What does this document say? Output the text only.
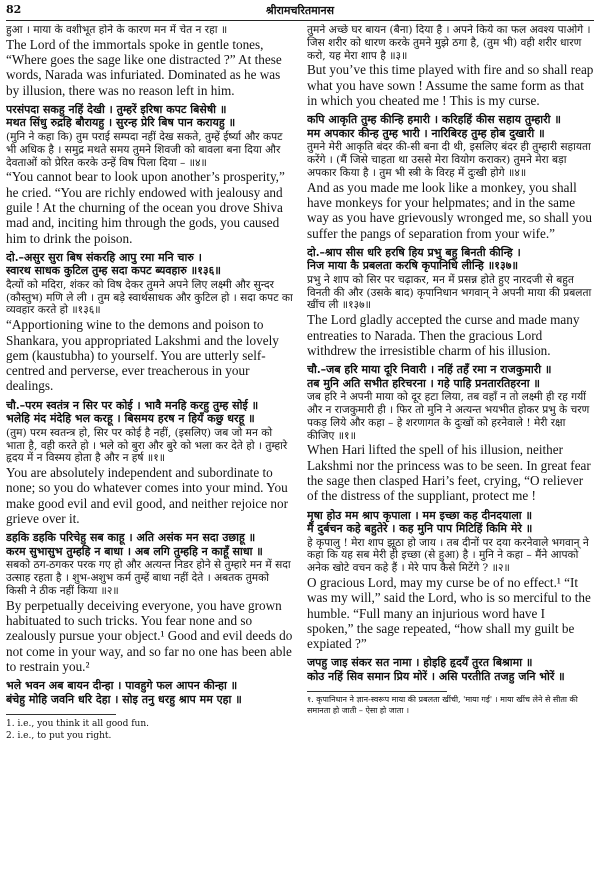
82	श्रीरामचरितमानस

हुआ । माया के वशीभूत होने के कारण मन में चेत न रहा ॥

The Lord of the immortals spoke in gentle tones, “Where goes the sage like one distracted ?” At these words, Narada was infuriated. Dominated as he was by illusion, there was no reason left in him.

परसंपदा सकहु नहिं देखी । तुम्हरें इरिषा कपट बिसेषी ॥

मथत सिंधु रुद्रहि बौरायहु । सुरन्ह प्रेरि बिष पान करायहु ॥

(मुनि ने कहा कि) तुम पराई सम्पदा नहीं देख सकते, तुम्हें ईर्ष्या और कपट भी अधिक है । समुद्र मथते समय तुमने शिवजी को बावला बना दिया और देवताओं को प्रेरित करके उन्हें विष पिला दिया – ॥४॥

“You cannot bear to look upon another’s prosperity,” he cried. “You are richly endowed with jealousy and guile ! At the churning of the ocean you drove Shiva mad and, inciting him through the gods, you caused him to drink the poison.

दो.–असुर सुरा बिष संकरहि आपु रमा मनि चारु ।

स्वारथ साधक कुटिल तुम्ह सदा कपट ब्यवहारु ॥१३६॥

दैत्यों को मदिरा, शंकर को विष देकर तुमने अपने लिए लक्ष्मी और सुन्दर (कौस्तुभ) मणि ले ली । तुम बड़े स्वार्थसाधक और कुटिल हो । सदा कपट का व्यवहार करते हो ॥१३६॥

“Apportioning wine to the demons and poison to Shankara, you appropriated Lakshmi and the lovely gem (kaustubha) to yourself. You are utterly self-centred and perverse, ever treacherous in your dealings.

चौ.–परम स्वतंत्र न सिर पर कोई । भावै मनहि करहु तुम्ह सोई ॥

भलेहि मंद मंदेहि भल करहू । बिसमय हरष न हियँ कछु धरहू ॥

(तुम) परम स्वतन्त्र हो, सिर पर कोई है नहीं, (इसलिए) जब जो मन को भाता है, वही करते हो । भले को बुरा और बुरे को भला कर देते हो । तुम्हारे हृदय में न विस्मय होता है और न हर्ष ॥१॥

You are absolutely independent and subordinate to none; so you do whatever comes into your mind. You make good evil and evil good, and neither rejoice nor grieve over it.

डहकि डहकि परिचेहु सब काहू । अति असंक मन सदा उछाहू ॥

करम सुभासुभ तुम्हहि न बाधा । अब लगि तुम्हहि न काहूँ साधा ॥

सबको ठग-ठगकर परक गए हो और अत्यन्त निडर होने से तुम्हारे मन में सदा उत्साह रहता है । शुभ-अशुभ कर्म तुम्हें बाधा नहीं देते । अबतक तुमको किसी ने ठीक नहीं किया ॥२॥

By perpetually deceiving everyone, you have grown habituated to such tricks. You fear none and so zealously pursue your object.¹ Good and evil deeds do not come in your way, and so far no one has been able to restrain you.²

भले भवन अब बायन दीन्हा । पावहुगे फल आपन कीन्हा ॥

बंचेहु मोहि जवनि धरि देहा । सोइ तनु धरहु श्राप मम एहा ॥

1. i.e., you think it all good fun.
2. i.e., to put you right.

तुमने अच्छे घर बायन (बैना) दिया है । अपने किये का फल अवश्य पाओगे । जिस शरीर को धारण करके तुमने मुझे ठगा है, (तुम भी) वही शरीर धारण करो, यह मेरा शाप है ॥३॥

But you’ve this time played with fire and so shall reap what you have sown ! Assume the same form as that in which you cheated me ! This is my curse.

कपि आकृति तुम्ह कीन्हि हमारी । करिहहिं कीस सहाय तुम्हारी ॥

मम अपकार कीन्ह तुम्ह भारी । नारिबिरह तुम्ह होब दुखारी ॥

तुमने मेरी आकृति बंदर की-सी बना दी थी, इसलिए बंदर ही तुम्हारी सहायता करेंगे । (मैं जिसे चाहता था उससे मेरा वियोग कराकर) तुमने मेरा बड़ा अपकार किया है । तुम भी स्त्री के विरह में दुःखी होगे ॥४॥

And as you made me look like a monkey, you shall have monkeys for your helpmates; and in the same way as you have grievously wronged me, so shall you suffer the pangs of separation from your wife.”

दो.–श्राप सीस धरि हरषि हिय प्रभु बहु बिनती कीन्हि ।

निज माया कै प्रबलता करषि कृपानिधि लीन्हि ॥१३७॥

प्रभु ने शाप को सिर पर चढ़ाकर, मन में प्रसन्न होते हुए नारदजी से बहुत विनती की और (उसके बाद) कृपानिधान भगवान् ने अपनी माया की प्रबलता खींच ली ॥१३७॥

The Lord gladly accepted the curse and made many entreaties to Narada. Then the gracious Lord withdrew the irresistible charm of his illusion.

चौ.–जब हरि माया दूरि निवारी । नहिं तहँ रमा न राजकुमारी ॥

तब मुनि अति सभीत हरिचरना । गहे पाहि प्रनतारतिहरना ॥

जब हरि ने अपनी माया को दूर हटा लिया, तब वहाँ न तो लक्ष्मी ही रह गयीं और न राजकुमारी ही । फिर तो मुनि ने अत्यन्त भयभीत होकर प्रभु के चरण पकड़ लिये और कहा – हे शरणागत के दुःखों को हरनेवाले ! मेरी रक्षा कीजिए ॥१॥

When Hari lifted the spell of his illusion, neither Lakshmi nor the princess was to be seen. In great fear the sage then clasped Hari’s feet, crying, “O reliever of the distress of the suppliant, protect me !

मृषा होउ मम श्राप कृपाला । मम इच्छा कह दीनदयाला ॥

मैं दुर्बचन कहे बहुतेरे । कह मुनि पाप मिटिहिं किमि मेरे ॥

हे कृपालु ! मेरा शाप झूठा हो जाय । तब दीनों पर दया करनेवाले भगवान् ने कहा कि यह सब मेरी ही इच्छा (से हुआ) है । मुनि ने कहा – मैंने आपको अनेक खोटे वचन कहे हैं । मेरे पाप कैसे मिटेंगे ? ॥२॥

O gracious Lord, may my curse be of no effect.¹ “It was my will,” said the Lord, who is so merciful to the humble. “Full many an injurious word have I spoken,” the sage repeated, “how shall my guilt be expiated ?”

जपहु जाइ संकर सत नामा । होइहि हृदयँ तुरत बिश्रामा ॥

कोउ नहिं सिव समान प्रिय मोरें । असि परतीति तजहु जनि भोरें ॥

१. कृपानिधान ने ज्ञान-स्वरूप माया की प्रबलता खींची, 'माया गई' । माया खींच लेने से सीता की समानता हो जाती – ऐसा हो जाता ।
